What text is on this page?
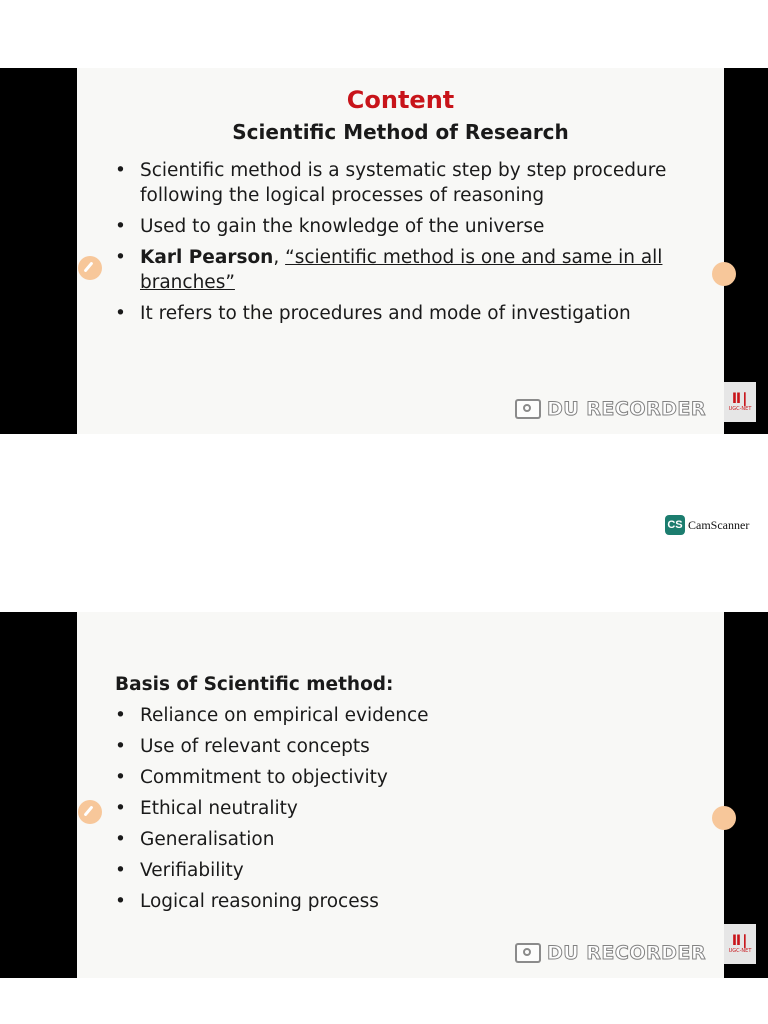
Content
Scientific Method of Research
• Scientific method is a systematic step by step procedure
following the logical processes of reasoning
• Used to gain the knowledge of the universe
• Karl Pearson, “scientific method is one and same in all
branches”
• It refers to the procedures and mode of investigation
DU RECORDER Ⅱ∣
UGC-NET
CS CamScanner
Basis of Scientific method:
• Reliance on empirical evidence
• Use of relevant concepts
• Commitment to objectivity
• Ethical neutrality
• Generalisation
• Verifiability
• Logical reasoning process
DU RECORDER
Ⅱ∣
UGC-NET
